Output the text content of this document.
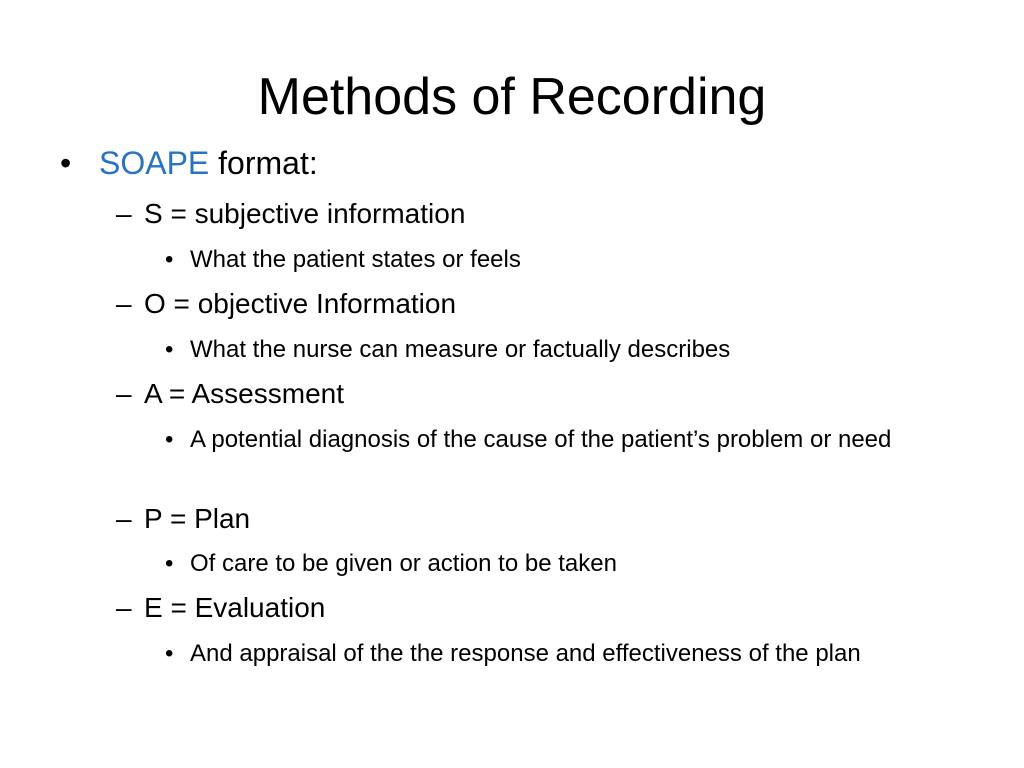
Methods of Recording
• SOAPE format:
– S = subjective information
• What the patient states or feels
– O = objective Information
• What the nurse can measure or factually describes
– A = Assessment
• A potential diagnosis of the cause of the patient’s problem or need
– P = Plan
• Of care to be given or action to be taken
– E = Evaluation
• And appraisal of the the response and effectiveness of the plan
